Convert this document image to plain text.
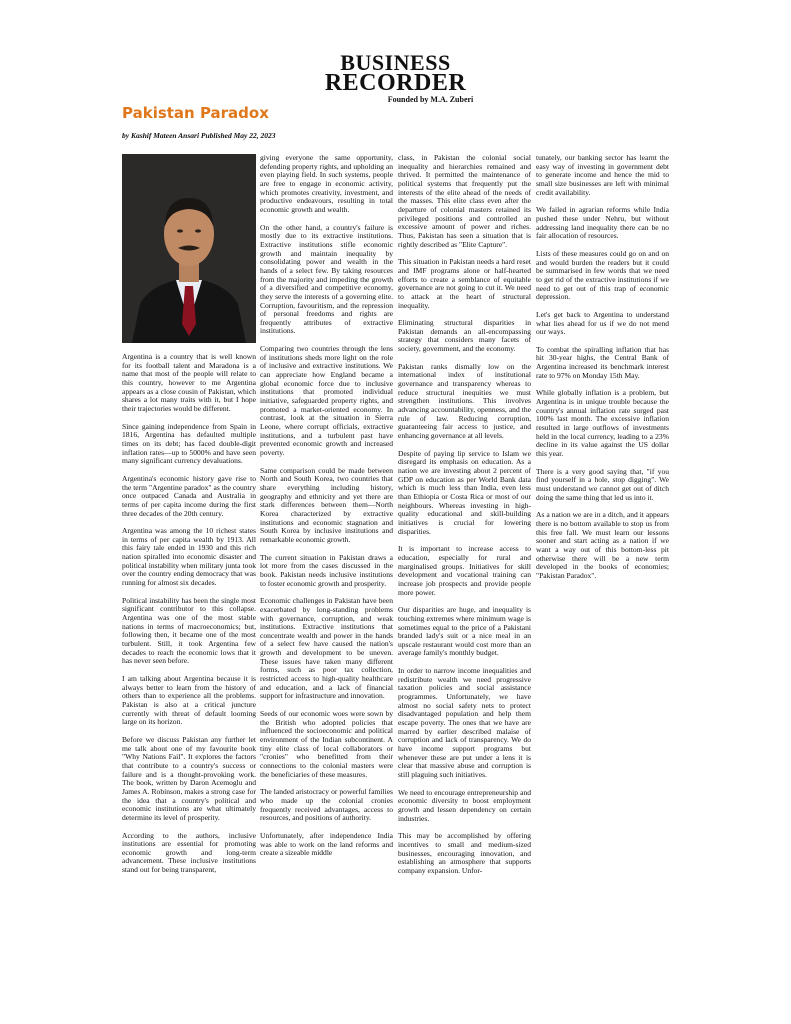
BUSINESS
RECORDER
Founded by M.A. Zuberi
Pakistan Paradox
by Kashif Mateen Ansari Published May 22, 2023

Argentina is a country that is well known for its football talent and Maradona is a name that most of the people will relate to this country, however to me Argentina appears as a close cousin of Pakistan, which shares a lot many traits with it, but I hope their trajectories would be different.

Since gaining independence from Spain in 1816, Argentina has defaulted multiple times on its debt; has faced double-digit inflation rates—up to 5000% and have seen many significant currency devaluations.

Argentina's economic history gave rise to the term "Argentine paradox" as the country once outpaced Canada and Australia in terms of per capita income during the first three decades of the 20th century.

Argentina was among the 10 richest states in terms of per capita wealth by 1913. All this fairy tale ended in 1930 and this rich nation spiralled into economic disaster and political instability when military junta took over the country ending democracy that was running for almost six decades.

Political instability has been the single most significant contributor to this collapse. Argentina was one of the most stable nations in terms of macroeconomics; but, following then, it became one of the most turbulent. Still, it took Argentina few decades to reach the economic lows that it has never seen before.

I am talking about Argentina because it is always better to learn from the history of others than to experience all the problems. Pakistan is also at a critical juncture currently with threat of default looming large on its horizon.

Before we discuss Pakistan any further let me talk about one of my favourite book "Why Nations Fail". It explores the factors that contribute to a country's success or failure and is a thought-provoking work. The book, written by Daron Acemoglu and James A. Robinson, makes a strong case for the idea that a country's political and economic institutions are what ultimately determine its level of prosperity.

According to the authors, inclusive institutions are essential for promoting economic growth and long-term advancement. These inclusive institutions stand out for being transparent,

giving everyone the same opportunity, defending property rights, and upholding an even playing field. In such systems, people are free to engage in economic activity, which promotes creativity, investment, and productive endeavours, resulting in total economic growth and wealth.

On the other hand, a country's failure is mostly due to its extractive institutions. Extractive institutions stifle economic growth and maintain inequality by consolidating power and wealth in the hands of a select few. By taking resources from the majority and impeding the growth of a diversified and competitive economy, they serve the interests of a governing elite. Corruption, favouritism, and the repression of personal freedoms and rights are frequently attributes of extractive institutions.

Comparing two countries through the lens of institutions sheds more light on the role of inclusive and extractive institutions. We can appreciate how England became a global economic force due to inclusive institutions that promoted individual initiative, safeguarded property rights, and promoted a market-oriented economy. In contrast, look at the situation in Sierra Leone, where corrupt officials, extractive institutions, and a turbulent past have prevented economic growth and increased poverty.

Same comparison could be made between North and South Korea, two countries that share everything including history, geography and ethnicity and yet there are stark differences between them—North Korea characterized by extractive institutions and economic stagnation and South Korea by inclusive institutions and remarkable economic growth.

The current situation in Pakistan draws a lot more from the cases discussed in the book. Pakistan needs inclusive institutions to foster economic growth and prosperity.

Economic challenges in Pakistan have been exacerbated by long-standing problems with governance, corruption, and weak institutions. Extractive institutions that concentrate wealth and power in the hands of a select few have caused the nation's growth and development to be uneven. These issues have taken many different forms, such as poor tax collection, restricted access to high-quality healthcare and education, and a lack of financial support for infrastructure and innovation.

Seeds of our economic woes were sown by the British who adopted policies that influenced the socioeconomic and political environment of the Indian subcontinent. A tiny elite class of local collaborators or "cronies" who benefitted from their connections to the colonial masters were the beneficiaries of these measures.

The landed aristocracy or powerful families who made up the colonial cronies frequently received advantages, access to resources, and positions of authority.

Unfortunately, after independence India was able to work on the land reforms and create a sizeable middle

class, in Pakistan the colonial social inequality and hierarchies remained and thrived. It permitted the maintenance of political systems that frequently put the interests of the elite ahead of the needs of the masses. This elite class even after the departure of colonial masters retained its privileged positions and controlled an excessive amount of power and riches. Thus, Pakistan has seen a situation that is rightly described as "Elite Capture".

This situation in Pakistan needs a hard reset and IMF programs alone or half-hearted efforts to create a semblance of equitable governance are not going to cut it. We need to attack at the heart of structural inequality.

Eliminating structural disparities in Pakistan demands an all-encompassing strategy that considers many facets of society, government, and the economy.

Pakistan ranks dismally low on the international index of institutional governance and transparency whereas to reduce structural inequities we must strengthen institutions. This involves advancing accountability, openness, and the rule of law. Reducing corruption, guaranteeing fair access to justice, and enhancing governance at all levels.

Despite of paying lip service to Islam we disregard its emphasis on education. As a nation we are investing about 2 percent of GDP on education as per World Bank data which is much less than India, even less than Ethiopia or Costa Rica or most of our neighbours. Whereas investing in high-quality educational and skill-building initiatives is crucial for lowering disparities.

It is important to increase access to education, especially for rural and marginalised groups. Initiatives for skill development and vocational training can increase job prospects and provide people more power.

Our disparities are huge, and inequality is touching extremes where minimum wage is sometimes equal to the price of a Pakistani branded lady's suit or a nice meal in an upscale restaurant would cost more than an average family's monthly budget.

In order to narrow income inequalities and redistribute wealth we need progressive taxation policies and social assistance programmes. Unfortunately, we have almost no social safety nets to protect disadvantaged population and help them escape poverty. The ones that we have are marred by earlier described malaise of corruption and lack of transparency. We do have income support programs but whenever these are put under a lens it is clear that massive abuse and corruption is still plaguing such initiatives.

We need to encourage entrepreneurship and economic diversity to boost employment growth and lessen dependency on certain industries.

This may be accomplished by offering incentives to small and medium-sized businesses, encouraging innovation, and establishing an atmosphere that supports company expansion. Unfor-

tunately, our banking sector has learnt the easy way of investing in government debt to generate income and hence the mid to small size businesses are left with minimal credit availability.

We failed in agrarian reforms while India pushed these under Nehru, but without addressing land inequality there can be no fair allocation of resources.

Lists of these measures could go on and on and would burden the readers but it could be summarised in few words that we need to get rid of the extractive institutions if we need to get out of this trap of economic depression.

Let's get back to Argentina to understand what lies ahead for us if we do not mend our ways.

To combat the spiralling inflation that has hit 30-year highs, the Central Bank of Argentina increased its benchmark interest rate to 97% on Monday 15th May.

While globally inflation is a problem, but Argentina is in unique trouble because the country's annual inflation rate surged past 100% last month. The excessive inflation resulted in large outflows of investments held in the local currency, leading to a 23% decline in its value against the US dollar this year.

There is a very good saying that, "if you find yourself in a hole, stop digging". We must understand we cannot get out of ditch doing the same thing that led us into it.

As a nation we are in a ditch, and it appears there is no bottom available to stop us from this free fall. We must learn our lessons sooner and start acting as a nation if we want a way out of this bottom-less pit otherwise there will be a new term developed in the books of economies; "Pakistan Paradox".
